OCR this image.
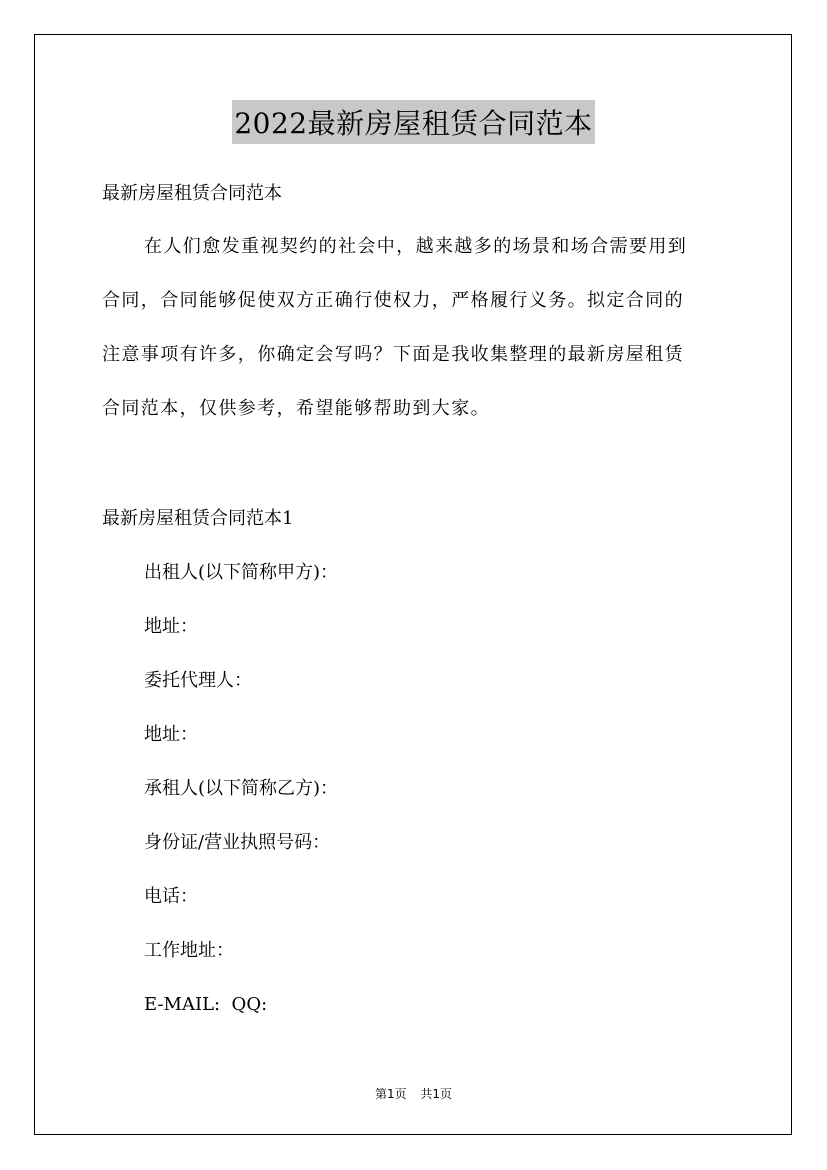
2022最新房屋租赁合同范本
最新房屋租赁合同范本
在人们愈发重视契约的社会中，越来越多的场景和场合需要用到
合同，合同能够促使双方正确行使权力，严格履行义务。拟定合同的
注意事项有许多，你确定会写吗？下面是我收集整理的最新房屋租赁
合同范本，仅供参考，希望能够帮助到大家。
最新房屋租赁合同范本1
出租人(以下简称甲方)：
地址：
委托代理人：
地址：
承租人(以下简称乙方)：
身份证/营业执照号码：
电话：
工作地址：
E-MAIL:  QQ:
第1页 共1页
